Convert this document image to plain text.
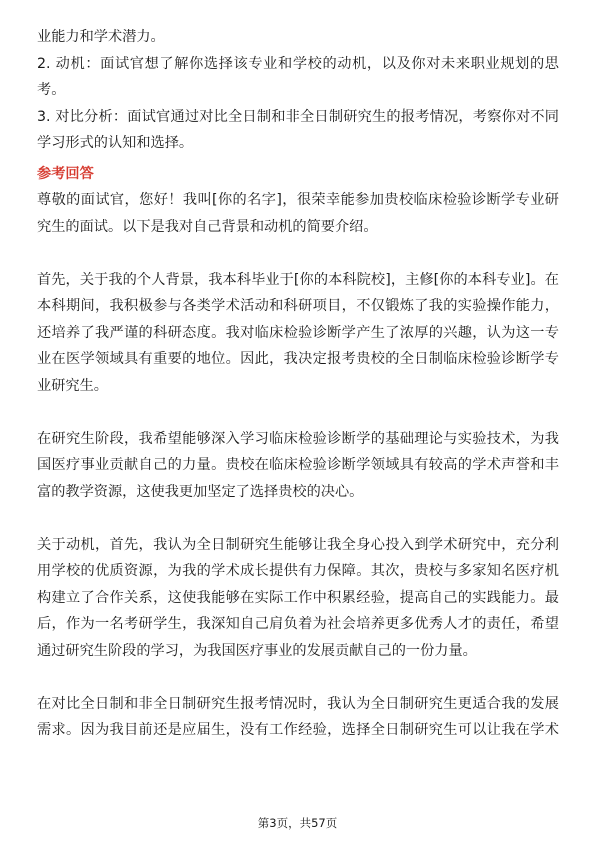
业能力和学术潜力。
2. 动机：面试官想了解你选择该专业和学校的动机，以及你对未来职业规划的思
考。
3. 对比分析：面试官通过对比全日制和非全日制研究生的报考情况，考察你对不同
学习形式的认知和选择。
参考回答
尊敬的面试官，您好！我叫[你的名字]，很荣幸能参加贵校临床检验诊断学专业研
究生的面试。以下是我对自己背景和动机的简要介绍。
首先，关于我的个人背景，我本科毕业于[你的本科院校]，主修[你的本科专业]。在
本科期间，我积极参与各类学术活动和科研项目，不仅锻炼了我的实验操作能力，
还培养了我严谨的科研态度。我对临床检验诊断学产生了浓厚的兴趣，认为这一专
业在医学领域具有重要的地位。因此，我决定报考贵校的全日制临床检验诊断学专
业研究生。
在研究生阶段，我希望能够深入学习临床检验诊断学的基础理论与实验技术，为我
国医疗事业贡献自己的力量。贵校在临床检验诊断学领域具有较高的学术声誉和丰
富的教学资源，这使我更加坚定了选择贵校的决心。
关于动机，首先，我认为全日制研究生能够让我全身心投入到学术研究中，充分利
用学校的优质资源，为我的学术成长提供有力保障。其次，贵校与多家知名医疗机
构建立了合作关系，这使我能够在实际工作中积累经验，提高自己的实践能力。最
后，作为一名考研学生，我深知自己肩负着为社会培养更多优秀人才的责任，希望
通过研究生阶段的学习，为我国医疗事业的发展贡献自己的一份力量。
在对比全日制和非全日制研究生报考情况时，我认为全日制研究生更适合我的发展
需求。因为我目前还是应届生，没有工作经验，选择全日制研究生可以让我在学术
第3页，共57页
